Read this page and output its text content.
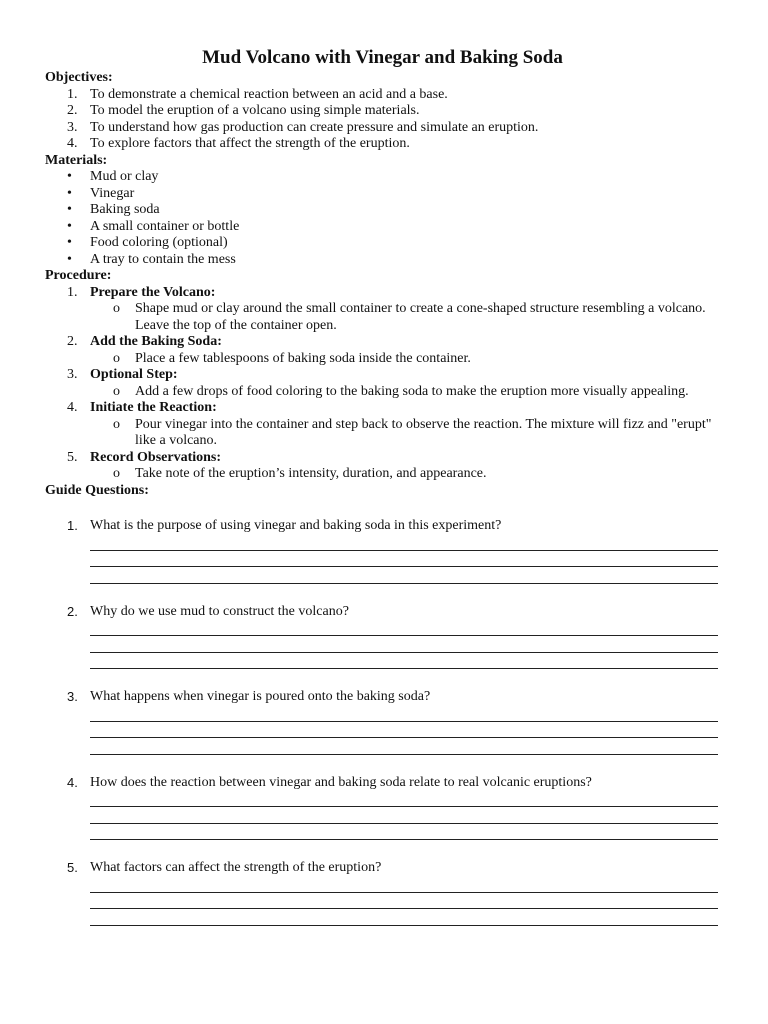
Mud Volcano with Vinegar and Baking Soda
Objectives:
1. To demonstrate a chemical reaction between an acid and a base.
2. To model the eruption of a volcano using simple materials.
3. To understand how gas production can create pressure and simulate an eruption.
4. To explore factors that affect the strength of the eruption.
Materials:
• Mud or clay
• Vinegar
• Baking soda
• A small container or bottle
• Food coloring (optional)
• A tray to contain the mess
Procedure:
1. Prepare the Volcano:
o Shape mud or clay around the small container to create a cone-shaped structure resembling a volcano.
Leave the top of the container open.
2. Add the Baking Soda:
o Place a few tablespoons of baking soda inside the container.
3. Optional Step:
o Add a few drops of food coloring to the baking soda to make the eruption more visually appealing.
4. Initiate the Reaction:
o Pour vinegar into the container and step back to observe the reaction. The mixture will fizz and "erupt"
like a volcano.
5. Record Observations:
o Take note of the eruption’s intensity, duration, and appearance.
Guide Questions:
1. What is the purpose of using vinegar and baking soda in this experiment?
2. Why do we use mud to construct the volcano?
3. What happens when vinegar is poured onto the baking soda?
4. How does the reaction between vinegar and baking soda relate to real volcanic eruptions?
5. What factors can affect the strength of the eruption?
